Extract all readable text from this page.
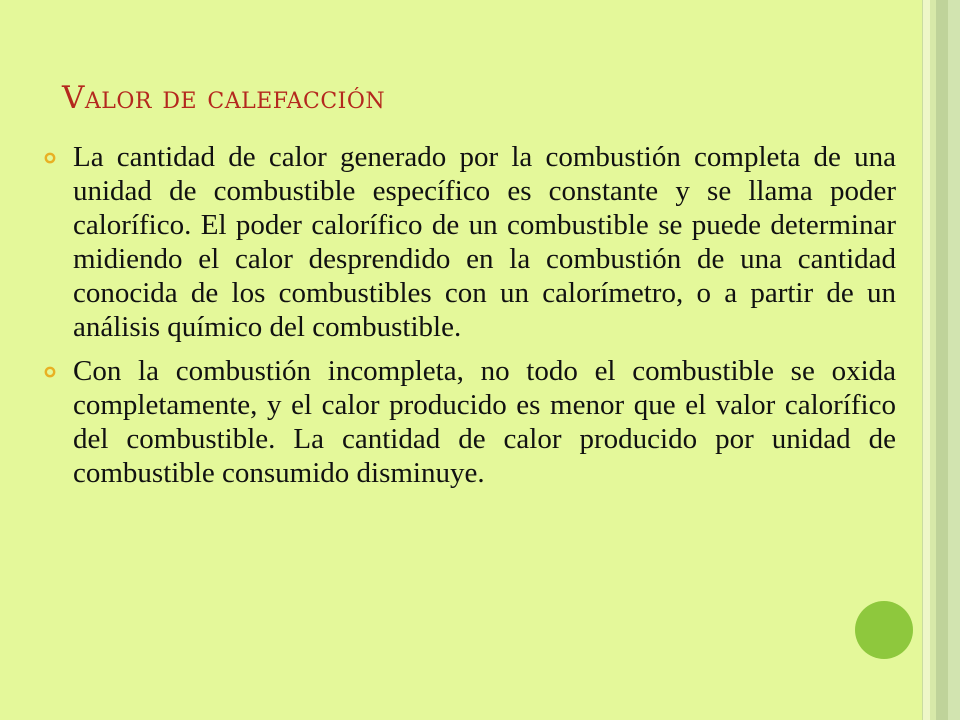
Valor de calefacción

La cantidad de calor generado por la combustión completa de una unidad de combustible específico es constante y se llama poder calorífico. El poder calorífico de un combustible se puede determinar midiendo el calor desprendido en la combustión de una cantidad conocida de los combustibles con un calorímetro, o a partir de un análisis químico del combustible.

Con la combustión incompleta, no todo el combustible se oxida completamente, y el calor producido es menor que el valor calorífico del combustible. La cantidad de calor producido por unidad de combustible consumido disminuye.
